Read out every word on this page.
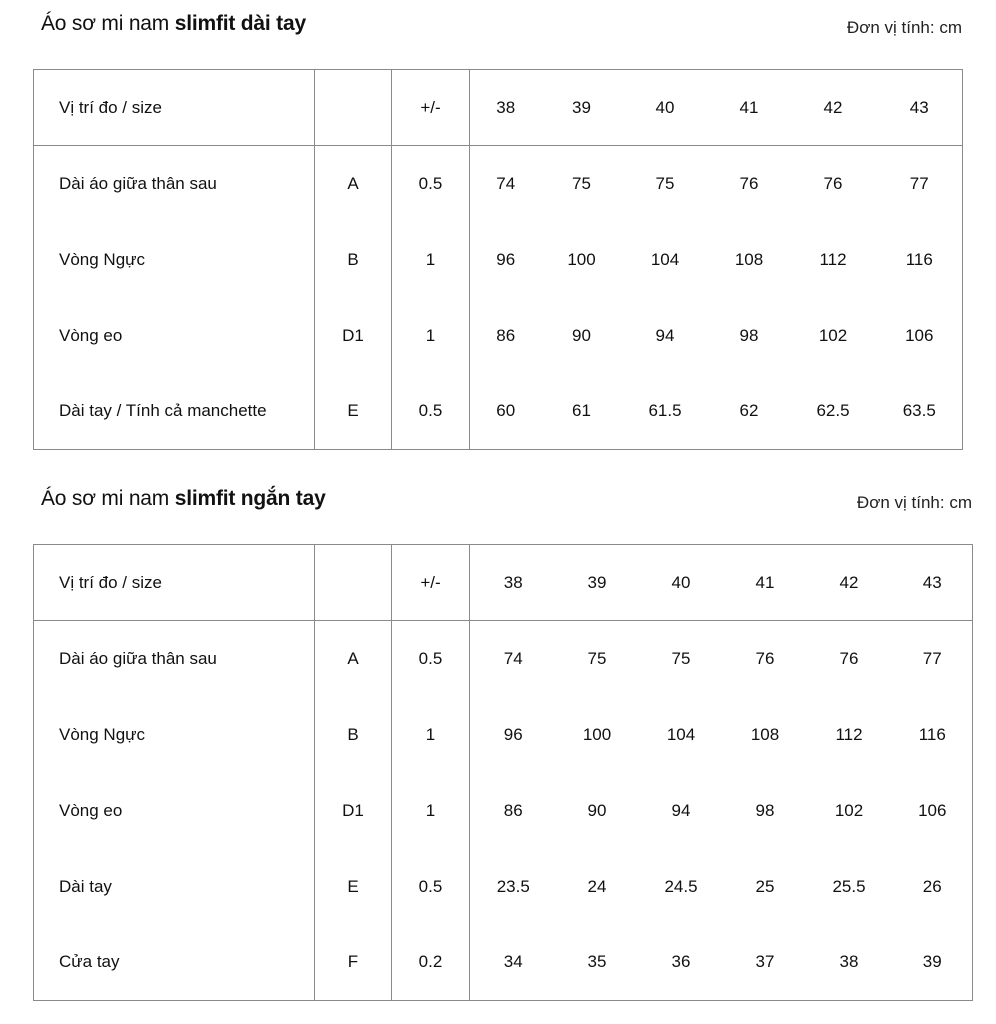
Áo sơ mi nam slimfit dài tay	Đơn vị tính: cm
Vị trí đo / size		+/-	38	39	40	41	42	43
Dài áo giữa thân sau	A	0.5	74	75	75	76	76	77
Vòng Ngực	B	1	96	100	104	108	112	116
Vòng eo	D1	1	86	90	94	98	102	106
Dài tay / Tính cả manchette	E	0.5	60	61	61.5	62	62.5	63.5
Áo sơ mi nam slimfit ngắn tay	Đơn vị tính: cm
Vị trí đo / size		+/-	38	39	40	41	42	43
Dài áo giữa thân sau	A	0.5	74	75	75	76	76	77
Vòng Ngực	B	1	96	100	104	108	112	116
Vòng eo	D1	1	86	90	94	98	102	106
Dài tay	E	0.5	23.5	24	24.5	25	25.5	26
Cửa tay	F	0.2	34	35	36	37	38	39
